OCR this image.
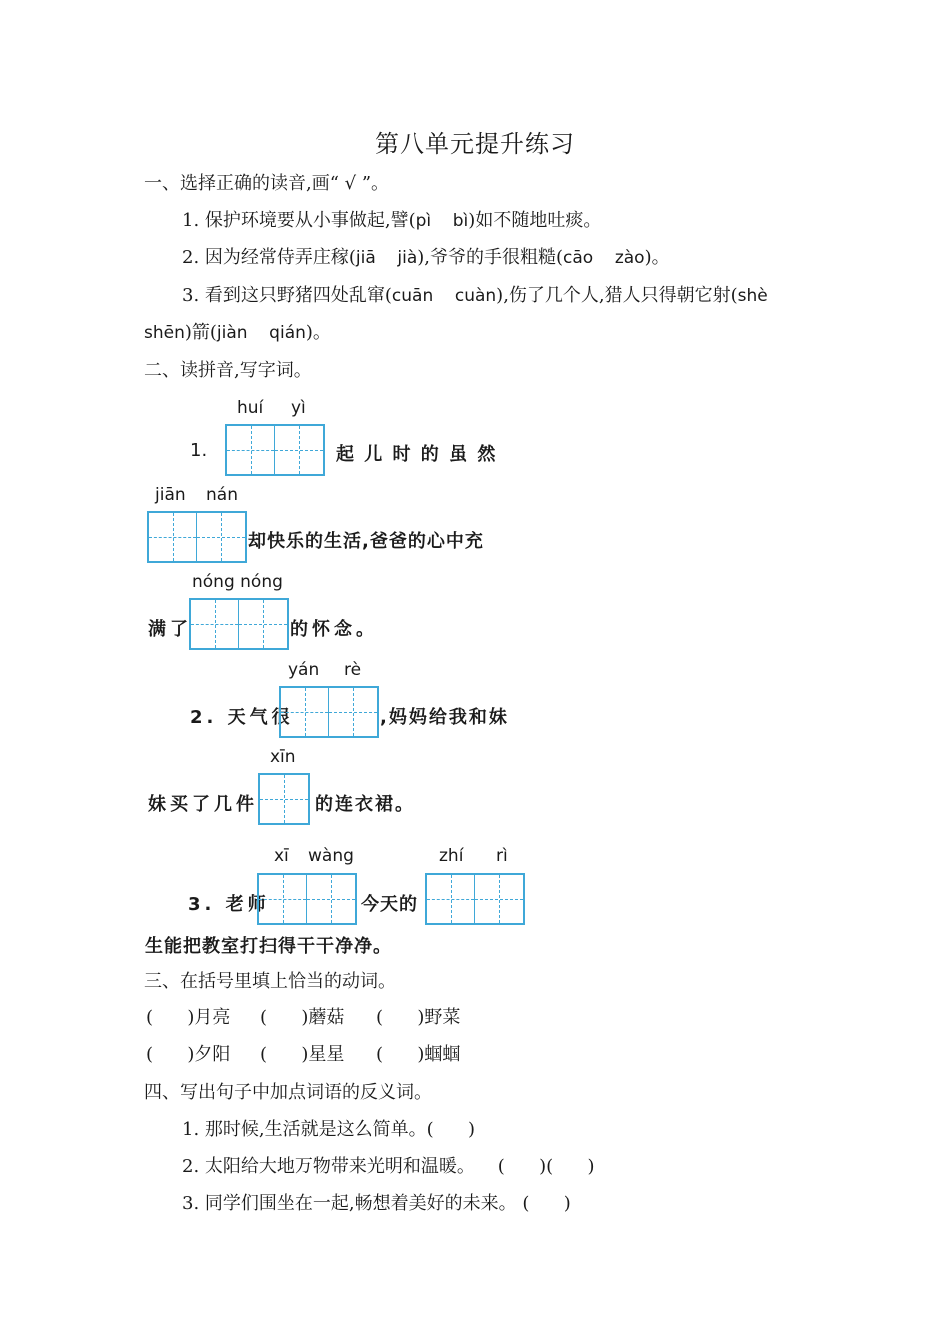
第八单元提升练习
一、选择正确的读音,画“ √ ”。
1. 保护环境要从小事做起,譬(pì    bì)如不随地吐痰。
2. 因为经常侍弄庄稼(jiā    jià),爷爷的手很粗糙(cāo    zào)。
3. 看到这只野猪四处乱窜(cuān    cuàn),伤了几个人,猎人只得朝它射(shè
shēn)箭(jiàn    qián)。
二、读拼音,写字词。
huí yì
1.	起 儿 时 的 虽 然
jiān nán
却快乐的生活,爸爸的心中充
nóng nóng
满了	的怀念。
yán rè
2. 天气很	,妈妈给我和妹
xīn
妹买了几件	的连衣裙。
xī wàng	zhí rì
3. 老师	今天的
生能把教室打扫得干干净净。
三、在括号里填上恰当的动词。
(      )月亮 (      )蘑菇 (      )野菜
(      )夕阳 (      )星星 (      )蝈蝈
四、写出句子中加点词语的反义词。
1. 那时候,生活就是这么简单。(      )
2. 太阳给大地万物带来光明和温暖。    (      )(      )
3. 同学们围坐在一起,畅想着美好的未来。 (      )
